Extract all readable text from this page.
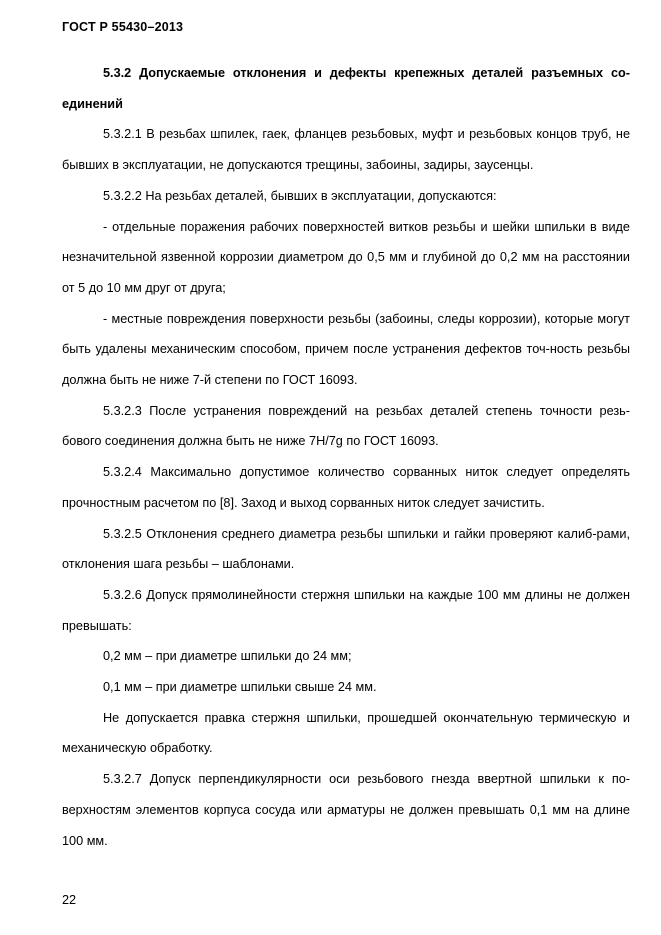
ГОСТ Р 55430–2013

5.3.2 Допускаемые отклонения и дефекты крепежных деталей разъемных со-единений

5.3.2.1 В резьбах шпилек, гаек, фланцев резьбовых, муфт и резьбовых концов труб, не бывших в эксплуатации, не допускаются трещины, забоины, задиры, заусенцы.

5.3.2.2 На резьбах деталей, бывших в эксплуатации, допускаются:

- отдельные поражения рабочих поверхностей витков резьбы и шейки шпильки в виде незначительной язвенной коррозии диаметром до 0,5 мм и глубиной до 0,2 мм на расстоянии от 5 до 10 мм друг от друга;

- местные повреждения поверхности резьбы (забоины, следы коррозии), которые могут быть удалены механическим способом, причем после устранения дефектов точ-ность резьбы должна быть не ниже 7-й степени по ГОСТ 16093.

5.3.2.3 После устранения повреждений на резьбах деталей степень точности резь-бового соединения должна быть не ниже 7Н/7g по ГОСТ 16093.

5.3.2.4 Максимально допустимое количество сорванных ниток следует определять прочностным расчетом по [8]. Заход и выход сорванных ниток следует зачистить.

5.3.2.5 Отклонения среднего диаметра резьбы шпильки и гайки проверяют калиб-рами, отклонения шага резьбы – шаблонами.

5.3.2.6 Допуск прямолинейности стержня шпильки на каждые 100 мм длины не должен превышать:

0,2 мм – при диаметре шпильки до 24 мм;

0,1 мм – при диаметре шпильки свыше 24 мм.

Не допускается правка стержня шпильки, прошедшей окончательную термическую и механическую обработку.

5.3.2.7 Допуск перпендикулярности оси резьбового гнезда ввертной шпильки к по-верхностям элементов корпуса сосуда или арматуры не должен превышать 0,1 мм на длине 100 мм.

22
